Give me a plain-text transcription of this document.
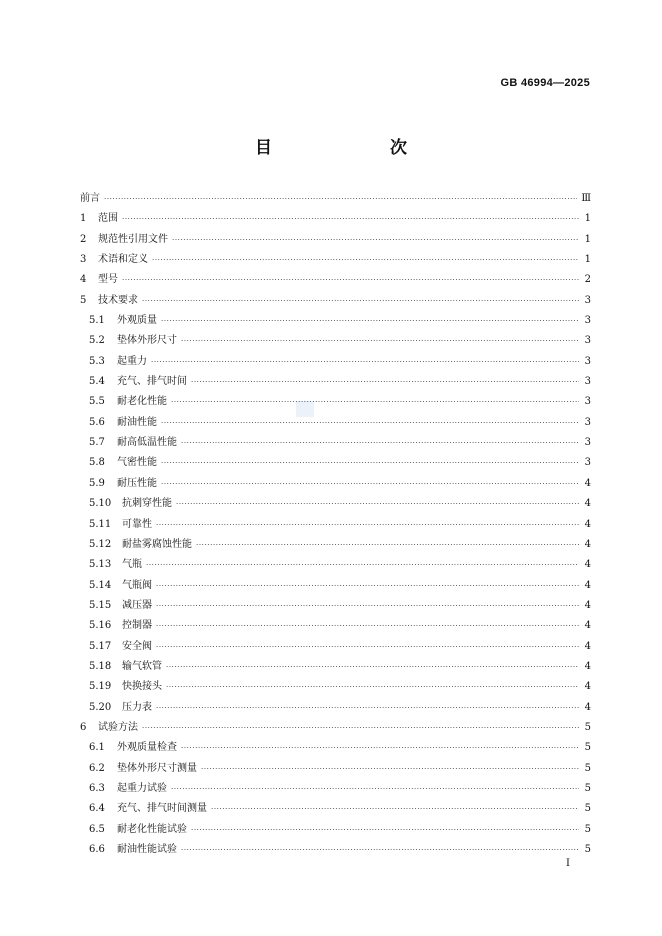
GB 46994—2025
目　　次
前言 ·····	Ⅲ
1	范围 ·····	1
2	规范性引用文件 ·····	1
3	术语和定义 ·····	1
4	型号 ·····	2
5	技术要求 ·····	3
5.1	外观质量 ·····	3
5.2	垫体外形尺寸 ·····	3
5.3	起重力 ·····	3
5.4	充气、排气时间 ·····	3
5.5	耐老化性能 ·····	3
5.6	耐油性能 ·····	3
5.7	耐高低温性能 ·····	3
5.8	气密性能 ·····	3
5.9	耐压性能 ·····	4
5.10	抗刺穿性能 ·····	4
5.11	可靠性 ·····	4
5.12	耐盐雾腐蚀性能 ·····	4
5.13	气瓶 ·····	4
5.14	气瓶阀 ·····	4
5.15	减压器 ·····	4
5.16	控制器 ·····	4
5.17	安全阀 ·····	4
5.18	输气软管 ·····	4
5.19	快换接头 ·····	4
5.20	压力表 ·····	4
6	试验方法 ·····	5
6.1	外观质量检查 ·····	5
6.2	垫体外形尺寸测量 ·····	5
6.3	起重力试验 ·····	5
6.4	充气、排气时间测量 ·····	5
6.5	耐老化性能试验 ·····	5
6.6	耐油性能试验 ·····	5
I
